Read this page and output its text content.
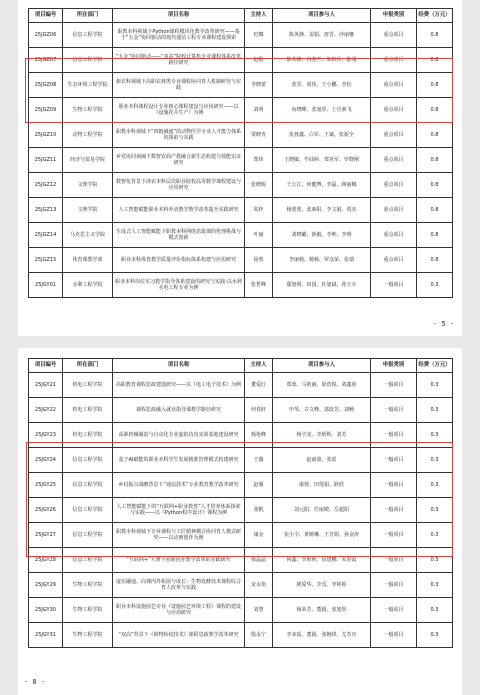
项目编号	所在部门	项目名称	主持人	项目参与人	申报类别	经费（万元）
25JGZ06	信息工程学院	职教本科视域下Python课程模块化教学改革研究——基于“五金”协同驱动的现代通信工程专业课程建设探索	杞娜	陈英锋、雷娟、唐晋、沙丽娜	重点项目	0.8
25JGZ07	信息工程学院	“五金”协同驱动——“双高”院校计算机专业课程体系改革路径研究	赵勋	陈英锋、冯春兰、朱柏兵、陈刚	重点项目	0.8
25JGZ08	生态环境工程学院	新农科视域下高职农林类专业课程协同育人机制研究与实践	李晓蕾	张莹、周伟、王小鹏、李松	重点项目	0.8
25JGZ09	生物工程学院	职业本科课程设计专业核心课程建设与应用研究——以《设施花卉生产》为例	刘明	向晓峰、张旭彤、上官素飞	重点项目	0.8
25JGZ10	动物工程学院	职教本科视域下“四链融通”的动物医学专业人才能力体系的探索与实践	贾晓青	仇蓉鑫、白军、王斌、张振全	重点项目	0.8
25JGZ11	经济与贸易学院	乡党协同视阈下数智农商产教融合新生态构建与效能实证研究	郑伟	王晓敏、牛仙婷、郑亚军、罗晓刚	重点项目	0.8
25JGZ12	文理学院	数智化背景下涉农本科层次职业院校高等数学课程建设与应用研究	张晓妮	王公江、何健博、李磊、顾丽娜	重点项目	0.8
25JGZ13	文理学院	人工智能赋能职业本科外语教学教学改革提升实践研究	朱梓	杨蕾蕾、张素阳、李文娟、贾杰	重点项目	0.8
25JGZ14	马克思主义学院	生成式人工智能赋能下职教本科网络思政课的伦理挑战与模式创新	叶丽	刘晓璐、薛毅、李帅、李明	重点项目	0.8
25JGZ15	体育课教学部	职业本科体育教学质量评价指标体系构建与应用研究	屈蓉	李丽杨、杨杨、罗彦荣、张瑞	重点项目	0.8
25JGY01	水利工程学院	职业本科岗位实习教学指导体系建设的研究与实践-以水利水电工程专业为例	张哲峰	鄢旭明、田园、杜旭斌、孙玉卉	一般项目	0.3
- 5 -
项目编号	所在部门	项目名称	主持人	项目参与人	申报类别	经费（万元）
25JGY21	机电工程学院	高职教育课程思政建设研究——以《电工电子技术》为例	董爱红	郑蓉、马艳丽、徐浩锐、刘鑫尚	一般项目	0.3
25JGY22	机电工程学院	课程思政融入就业指导课教学路径研究	何春轩	申琴、古文峰、郭改芳、刘畅	一般项目	0.3
25JGY23	机电工程学院	高职机械制造与自动化专业虚拟仿真实训基地建设研究	杨艳峰	杨宇龙、李炳辉、刘芳	一般项目	0.3
25JGY24	信息工程学院	基于AI赋能的职业本科学生发展精准管理模式构建研究	王薇	赵丽波、张瑶	一般项目	0.3
25JGY25	信息工程学院	乡村振兴战略背景下“通信技术”专业教育教学改革研究	赵薇	康蓉、田莲娟、耿欣	一般项目	0.3
25JGY26	信息工程学院	人工智能赋能下的“互联网+职业教育”人才培养体系探索与实践——以《Python程序设计》课程为例	张帆	刘元阳、任丽媛、岳超阳	一般项目	0.3
25JGY27	信息工程学院	职教本科视域下专业课程与工匠精神耦合协同育人模式研究——以动画创作为例	康金	张小宇、黄婉琳、王芳娟、孙金涛	一般项目	0.3
25JGY28	信息工程学院	“互联网+”大赛下创新创业教学改革的实践研究	梁晶晶	何鑫、李莉莉、崔建鹏、朱春霞	一般项目	0.3
25JGY29	生物工程学院	虚实融通、向课内外拓展与成长：生物发酵技术课程综合育人改革与实践	宋永艳	姚爱华、李乐、李婷婷	一般项目	0.3
25JGY30	生物工程学院	职业本科设施园艺专业《设施园艺环境工程》课程的建设与应用研究	刘慧	杨荣芳、董圆、张旭彤	一般项目	0.3
25JGY31	生物工程学院	“双高”背景下《植物检疫技术》课程思政教学改革研究	殷永宁	李多瑶、董圆、张婉琪、尤寿庆	一般项目	0.3
- 8 -
